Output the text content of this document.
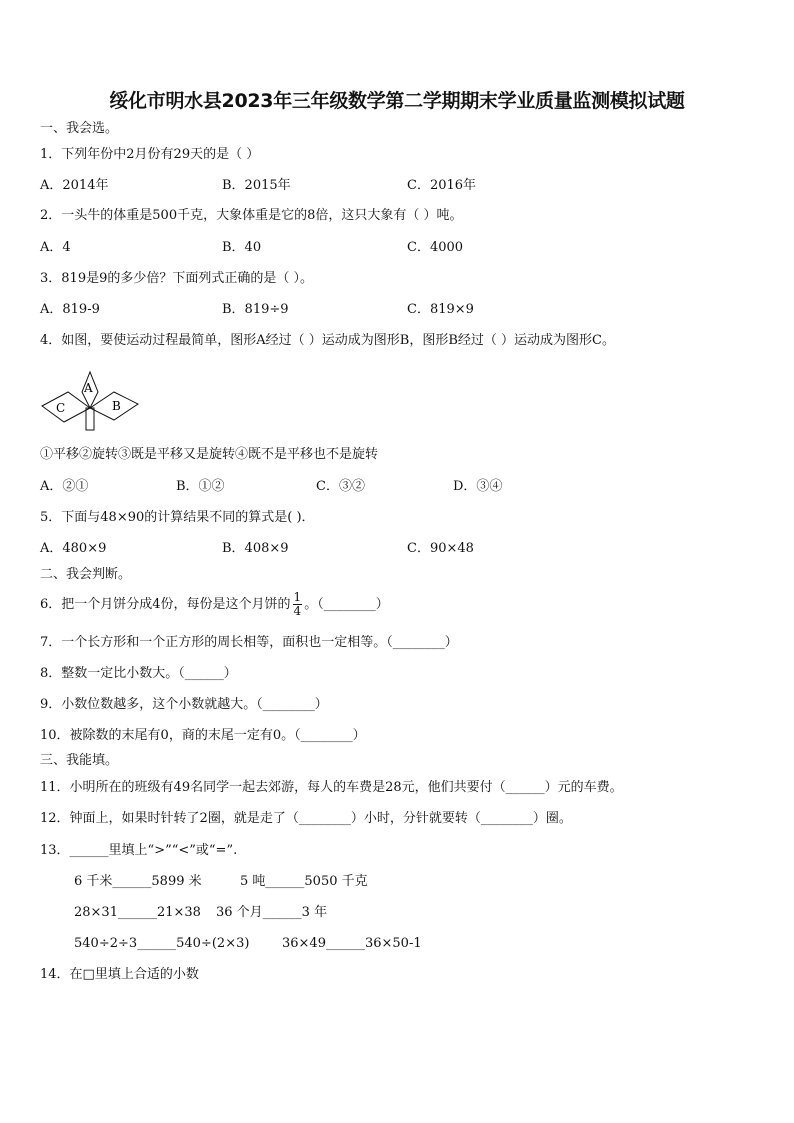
绥化市明水县2023年三年级数学第二学期期末学业质量监测模拟试题
一、我会选。
1．下列年份中2月份有29天的是（ ）
A．2014年	B．2015年	C．2016年
2．一头牛的体重是500千克，大象体重是它的8倍，这只大象有（ ）吨。
A．4	B．40	C．4000
3．819是9的多少倍？下面列式正确的是（ ）。
A．819-9	B．819÷9	C．819×9
4．如图，要使运动过程最简单，图形A经过（ ）运动成为图形B，图形B经过（ ）运动成为图形C。
A
C	B
①平移②旋转③既是平移又是旋转④既不是平移也不是旋转
A．②①	B．①②	C．③②	D．③④
5．下面与48×90的计算结果不同的算式是( )．
A．480×9	B．408×9	C．90×48
二、我会判断。
6．把一个月饼分成4份，每份是这个月饼的 $\frac{1}{4}$ 。（________）
7．一个长方形和一个正方形的周长相等，面积也一定相等。（________）
8．整数一定比小数大。（______）
9．小数位数越多，这个小数就越大。（________）
10．被除数的末尾有0，商的末尾一定有0。（________）
三、我能填。
11．小明所在的班级有49名同学一起去郊游，每人的车费是28元，他们共要付（______）元的车费。
12．钟面上，如果时针转了2圈，就是走了（________）小时，分针就要转（________）圈。
13．______里填上“>”“<”或“=”.
6 千米______5899 米	5 吨______5050 千克
28×31______21×38 36 个月______3 年
540÷2÷3______540÷(2×3)	36×49______36×50-1
14．在□里填上合适的小数
